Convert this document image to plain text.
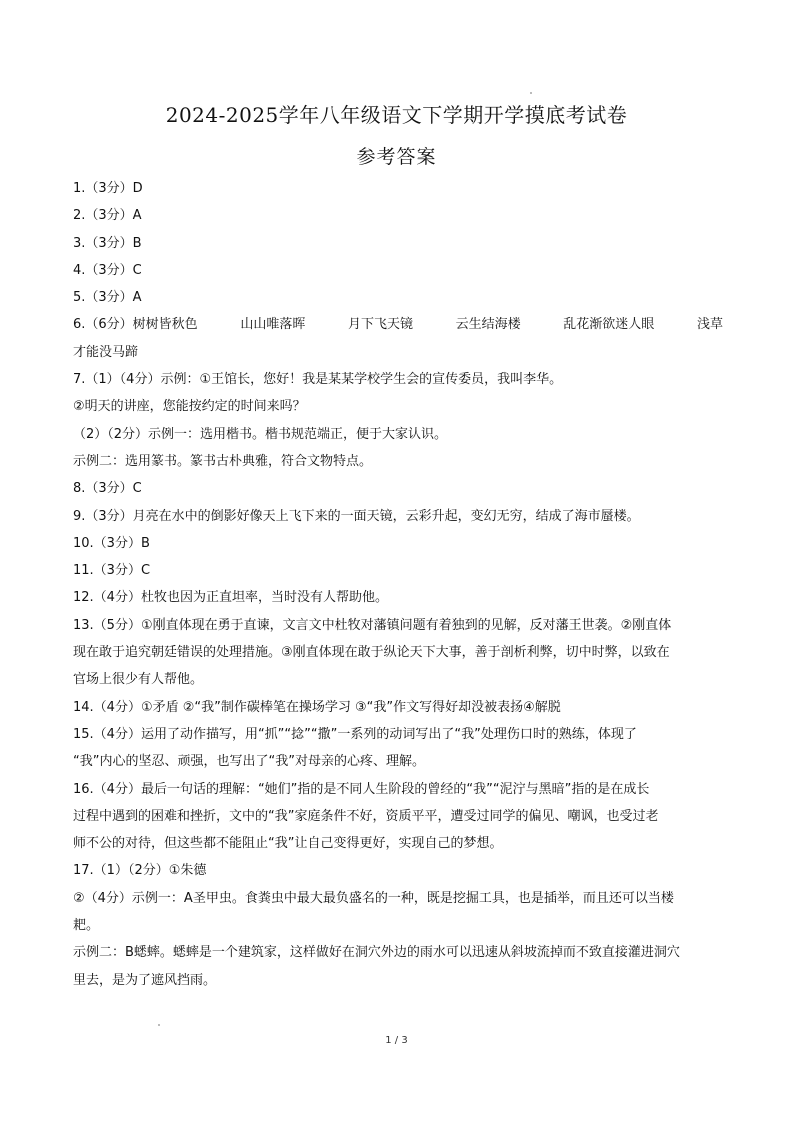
2024-2025学年八年级语文下学期开学摸底考试卷
参考答案
1.（3分）D
2.（3分）A
3.（3分）B
4.（3分）C
5.（3分）A
6.（6分）树树皆秋色	山山唯落晖	月下飞天镜	云生结海楼	乱花渐欲迷人眼	浅草
才能没马蹄
7.（1）（4分）示例：①王馆长，您好！我是某某学校学生会的宣传委员，我叫李华。
②明天的讲座，您能按约定的时间来吗？
（2）（2分）示例一：选用楷书。楷书规范端正，便于大家认识。
示例二：选用篆书。篆书古朴典雅，符合文物特点。
8.（3分）C
9.（3分）月亮在水中的倒影好像天上飞下来的一面天镜，云彩升起，变幻无穷，结成了海市蜃楼。
10.（3分）B
11.（3分）C
12.（4分）杜牧也因为正直坦率，当时没有人帮助他。
13.（5分）①刚直体现在勇于直谏，文言文中杜牧对藩镇问题有着独到的见解，反对藩王世袭。②刚直体
现在敢于追究朝廷错误的处理措施。③刚直体现在敢于纵论天下大事，善于剖析利弊，切中时弊，以致在
官场上很少有人帮他。
14.（4分）①矛盾 ②“我”制作碳棒笔在操场学习 ③“我”作文写得好却没被表扬④解脱
15.（4分）运用了动作描写，用“抓”“捻”“撒”一系列的动词写出了“我”处理伤口时的熟练，体现了
“我”内心的坚忍、顽强，也写出了“我”对母亲的心疼、理解。
16.（4分）最后一句话的理解：“她们”指的是不同人生阶段的曾经的“我”“泥泞与黑暗”指的是在成长
过程中遇到的困难和挫折，文中的“我”家庭条件不好，资质平平，遭受过同学的偏见、嘲讽，也受过老
师不公的对待，但这些都不能阻止“我”让自己变得更好，实现自己的梦想。
17.（1）（2分）①朱德
②（4分）示例一：A圣甲虫。食粪虫中最大最负盛名的一种，既是挖掘工具，也是插举，而且还可以当楼
耙。
示例二：B蟋蟀。蟋蟀是一个建筑家，这样做好在洞穴外边的雨水可以迅速从斜坡流掉而不致直接灌进洞穴
里去，是为了遮风挡雨。
1 / 3
